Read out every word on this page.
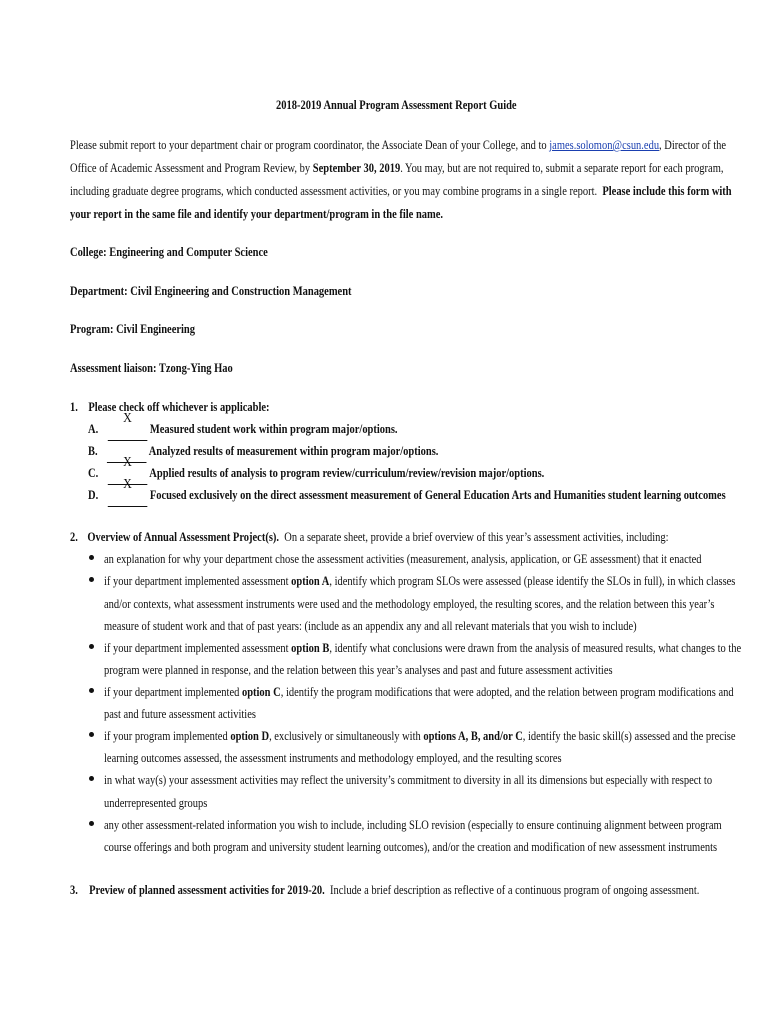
2018-2019 Annual Program Assessment Report Guide
Please submit report to your department chair or program coordinator, the Associate Dean of your College, and to james.solomon@csun.edu, Director of the
Office of Academic Assessment and Program Review, by September 30, 2019. You may, but are not required to, submit a separate report for each program,
including graduate degree programs, which conducted assessment activities, or you may combine programs in a single report.  Please include this form with
your report in the same file and identify your department/program in the file name.
College: Engineering and Computer Science
Department: Civil Engineering and Construction Management
Program: Civil Engineering
Assessment liaison: Tzong-Ying Hao
1.    Please check off whichever is applicable:
A.
X
Measured student work within program major/options.
B.	Analyzed results of measurement within program major/options.
C.
X
Applied results of analysis to program review/curriculum/review/revision major/options.
D.
X
Focused exclusively on the direct assessment measurement of General Education Arts and Humanities student learning outcomes
2. Overview of Annual Assessment Project(s).  On a separate sheet, provide a brief overview of this year’s assessment activities, including:
an explanation for why your department chose the assessment activities (measurement, analysis, application, or GE assessment) that it enacted
if your department implemented assessment option A, identify which program SLOs were assessed (please identify the SLOs in full), in which classes
and/or contexts, what assessment instruments were used and the methodology employed, the resulting scores, and the relation between this year’s
measure of student work and that of past years: (include as an appendix any and all relevant materials that you wish to include)
if your department implemented assessment option B, identify what conclusions were drawn from the analysis of measured results, what changes to the
program were planned in response, and the relation between this year’s analyses and past and future assessment activities
if your department implemented option C, identify the program modifications that were adopted, and the relation between program modifications and
past and future assessment activities
if your program implemented option D, exclusively or simultaneously with options A, B, and/or C, identify the basic skill(s) assessed and the precise
learning outcomes assessed, the assessment instruments and methodology employed, and the resulting scores
in what way(s) your assessment activities may reflect the university’s commitment to diversity in all its dimensions but especially with respect to
underrepresented groups
any other assessment-related information you wish to include, including SLO revision (especially to ensure continuing alignment between program
course offerings and both program and university student learning outcomes), and/or the creation and modification of new assessment instruments
3. Preview of planned assessment activities for 2019-20.  Include a brief description as reflective of a continuous program of ongoing assessment.
